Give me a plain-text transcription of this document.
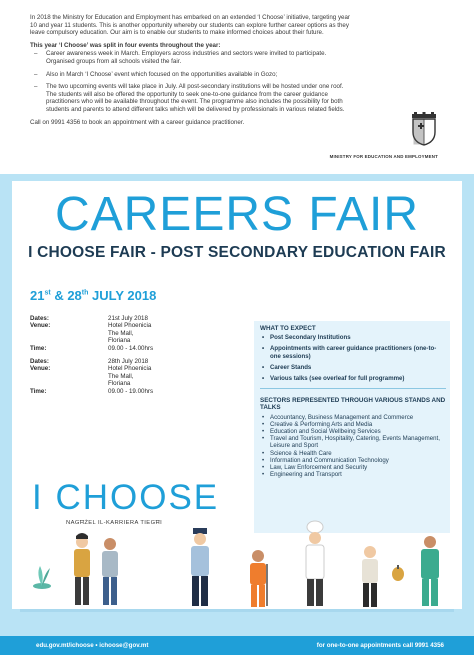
In 2018 the Ministry for Education and Employment has embarked on an extended ‘I Choose’ initiative, targeting year 10 and year 11 students. This is another opportunity whereby our students can explore further career options as they leave compulsory education. Our aim is to enable our students to make informed choices about their future.

This year ‘I Choose’ was split in four events throughout the year:

– Career awareness week in March. Employers across industries and sectors were invited to participate. Organised groups from all schools visited the fair.
– Also in March ‘I Choose’ event which focused on the opportunities available in Gozo;
– The two upcoming events will take place in July. All post-secondary institutions will be hosted under one roof. The students will also be offered the opportunity to seek one-to-one guidance from the career guidance practitioners who will be available throughout the event. The programme also includes the possibility for both students and parents to attend different talks which will be delivered by professionals in various related fields.

Call on 9991 4356 to book an appointment with a career guidance practitioner.

MINISTRY FOR EDUCATION AND EMPLOYMENT
CAREERS FAIR
I CHOOSE FAIR - POST SECONDARY EDUCATION FAIR
21st & 28th JULY 2018
Dates:	21st July 2018
Venue:	Hotel Phoenicia
The Mall,
Floriana
Time:	09.00 - 14.00hrs
Dates:	28th July 2018
Venue:	Hotel Phoenicia
The Mall,
Floriana
Time:	09.00 - 19.00hrs
WHAT TO EXPECT
• Post Secondary Institutions
• Appointments with career guidance practitioners (one-to-one sessions)
• Career Stands
• Various talks (see overleaf for full programme)
SECTORS REPRESENTED THROUGH VARIOUS STANDS AND TALKS
• Accountancy, Business Management and Commerce
• Creative & Performing Arts and Media
• Education and Social Wellbeing Services
• Travel and Tourism, Hospitality, Catering, Events Management, Leisure and Sport
• Science & Health Care
• Information and Communication Technology
• Law, Law Enforcement and Security
• Engineering and Transport
I CHOOSE
NAGĦŻEL IL-KARRIERA TIEGĦI
edu.gov.mt/ichoose • ichoose@gov.mt	for one-to-one appointments call 9991 4356
